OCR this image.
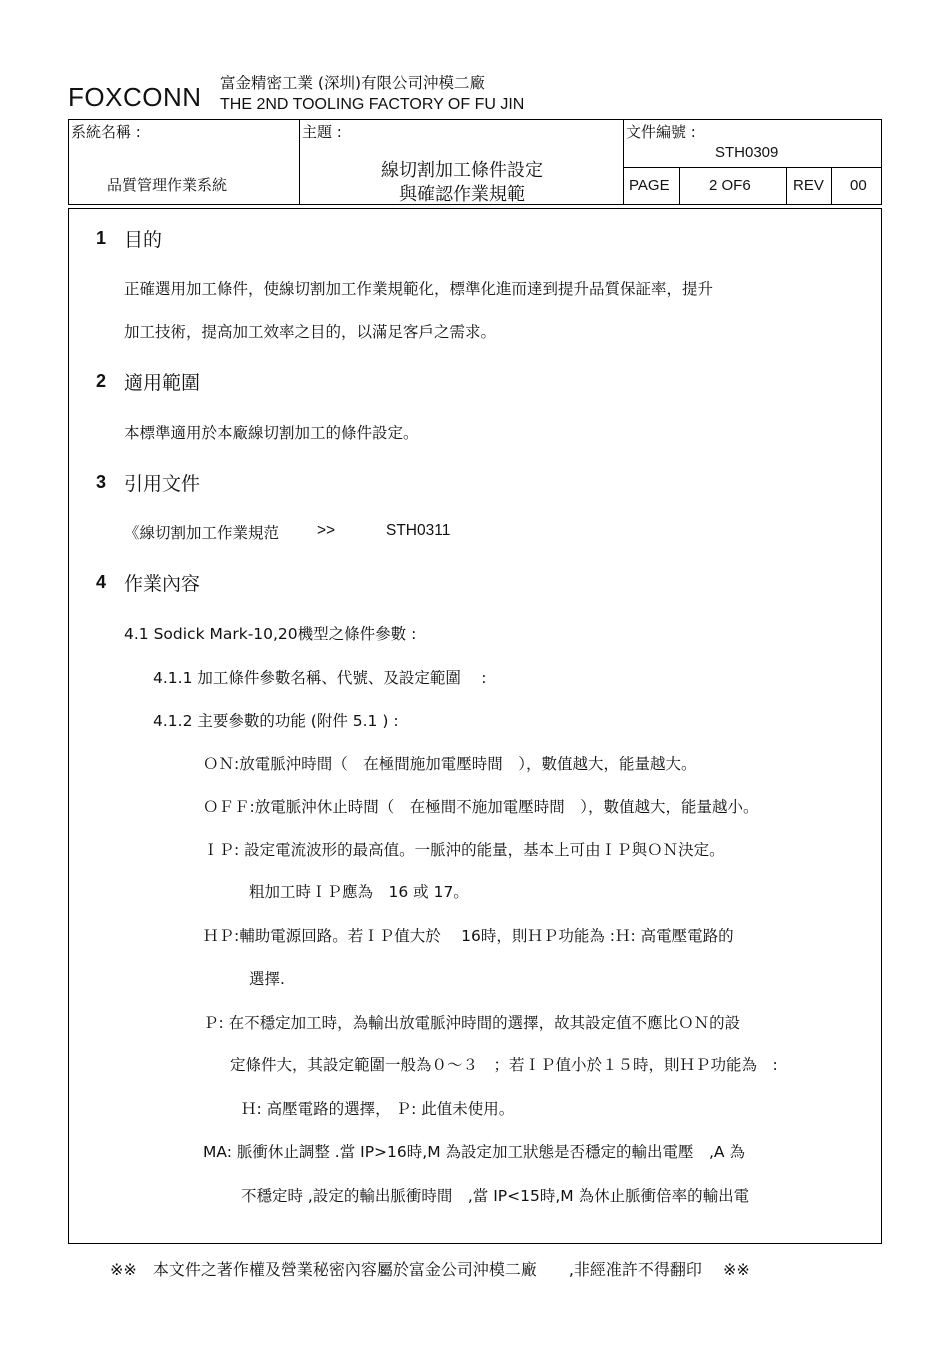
FOXCONN 富金精密工業 (深圳)有限公司沖模二廠
THE 2ND TOOLING FACTORY OF FU JIN
系統名稱 :
品質管理作業系統
主題 :
線切割加工條件設定
與確認作業規範
文件編號 :
STH0309
PAGE	2 OF6	REV 00
1 目的
正確選用加工條件，使線切割加工作業規範化，標準化進而達到提升品質保証率，提升
加工技術，提高加工效率之目的，以滿足客戶之需求。
2 適用範圍
本標準適用於本廠線切割加工的條件設定。
3 引用文件
《線切割加工作業規范 >>	STH0311
4 作業內容
4.1 Sodick Mark-10,20機型之條件參數 :
4.1.1 加工條件參數名稱、代號、及設定範圍　 :
4.1.2 主要參數的功能 (附件 5.1 ) :
ＯＮ:放電脈沖時間（　在極間施加電壓時間　），數值越大，能量越大。
ＯＦＦ:放電脈沖休止時間（　在極間不施加電壓時間　），數值越大，能量越小。
ＩＰ: 設定電流波形的最高值。一脈沖的能量，基本上可由ＩＰ與ＯＮ決定。
粗加工時ＩＰ應為　16 或 17。
ＨＰ:輔助電源回路。若ＩＰ值大於　 16時，則ＨＰ功能為 :Ｈ: 高電壓電路的
選擇.
Ｐ: 在不穩定加工時，為輸出放電脈沖時間的選擇，故其設定值不應比ＯＮ的設
定條件大，其設定範圍一般為０～３　；若ＩＰ值小於１５時，則ＨＰ功能為　:
Ｈ: 高壓電路的選擇， Ｐ: 此值未使用。
MA: 脈衝休止調整 .當 IP>16時,M 為設定加工狀態是否穩定的輸出電壓　,A 為
不穩定時 ,設定的輸出脈衝時間　,當 IP<15時,M 為休止脈衝倍率的輸出電
※※　本文件之著作權及營業秘密內容屬於富金公司沖模二廠　　,非經准許不得翻印　 ※※
